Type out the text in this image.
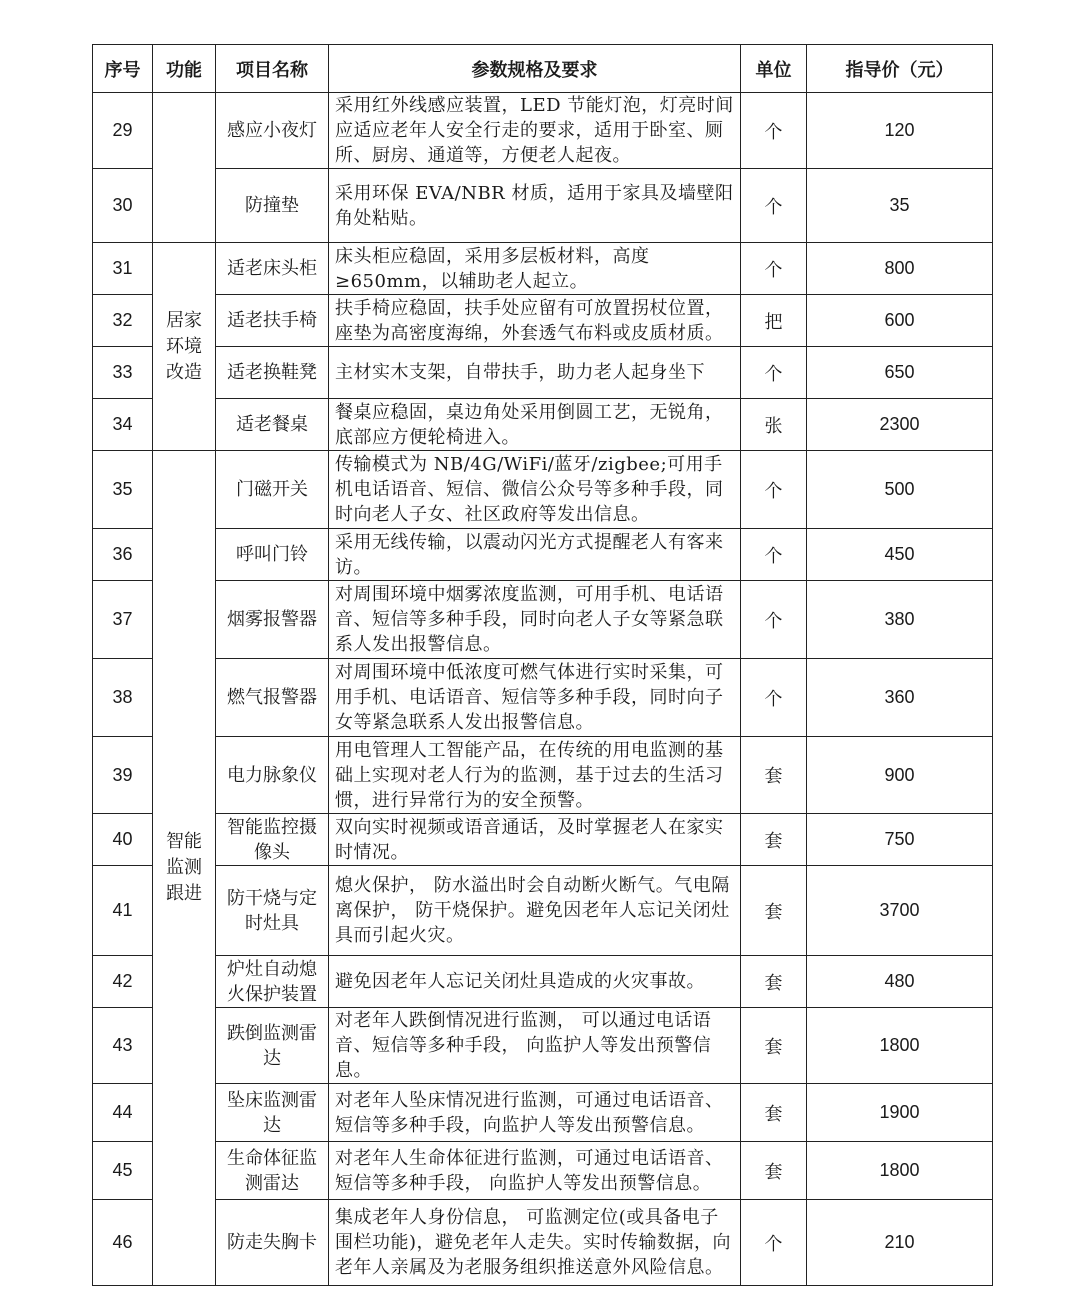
序号	功能	项目名称	参数规格及要求	单位	指导价（元）
29		感应小夜灯	采用红外线感应装置，LED 节能灯泡，灯亮时间应适应老年人安全行走的要求，适用于卧室、厕所、厨房、通道等，方便老人起夜。	个	120
30		防撞垫	采用环保 EVA/NBR 材质，适用于家具及墙壁阳角处粘贴。	个	35
31	居家环境改造	适老床头柜	床头柜应稳固，采用多层板材料，高度≥650mm，以辅助老人起立。	个	800
32		适老扶手椅	扶手椅应稳固，扶手处应留有可放置拐杖位置，座垫为高密度海绵，外套透气布料或皮质材质。	把	600
33		适老换鞋凳	主材实木支架，自带扶手，助力老人起身坐下	个	650
34		适老餐桌	餐桌应稳固，桌边角处采用倒圆工艺，无锐角，底部应方便轮椅进入。	张	2300
35	智能监测跟进	门磁开关	传输模式为 NB/4G/WiFi/蓝牙/zigbee;可用手机电话语音、短信、微信公众号等多种手段，同时向老人子女、社区政府等发出信息。	个	500
36		呼叫门铃	采用无线传输，以震动闪光方式提醒老人有客来访。	个	450
37		烟雾报警器	对周围环境中烟雾浓度监测，可用手机、电话语音、短信等多种手段，同时向老人子女等紧急联系人发出报警信息。	个	380
38		燃气报警器	对周围环境中低浓度可燃气体进行实时采集，可用手机、电话语音、短信等多种手段，同时向子女等紧急联系人发出报警信息。	个	360
39		电力脉象仪	用电管理人工智能产品，在传统的用电监测的基础上实现对老人行为的监测，基于过去的生活习惯，进行异常行为的安全预警。	套	900
40		智能监控摄像头	双向实时视频或语音通话，及时掌握老人在家实时情况。	套	750
41		防干烧与定时灶具	熄火保护， 防水溢出时会自动断火断气。气电隔离保护， 防干烧保护。避免因老年人忘记关闭灶具而引起火灾。	套	3700
42		炉灶自动熄火保护装置	避免因老年人忘记关闭灶具造成的火灾事故。	套	480
43		跌倒监测雷达	对老年人跌倒情况进行监测， 可以通过电话语音、短信等多种手段， 向监护人等发出预警信息。	套	1800
44		坠床监测雷达	对老年人坠床情况进行监测，可通过电话语音、短信等多种手段，向监护人等发出预警信息。	套	1900
45		生命体征监测雷达	对老年人生命体征进行监测，可通过电话语音、短信等多种手段， 向监护人等发出预警信息。	套	1800
46		防走失胸卡	集成老年人身份信息， 可监测定位(或具备电子围栏功能)，避免老年人走失。实时传输数据，向老年人亲属及为老服务组织推送意外风险信息。	个	210
